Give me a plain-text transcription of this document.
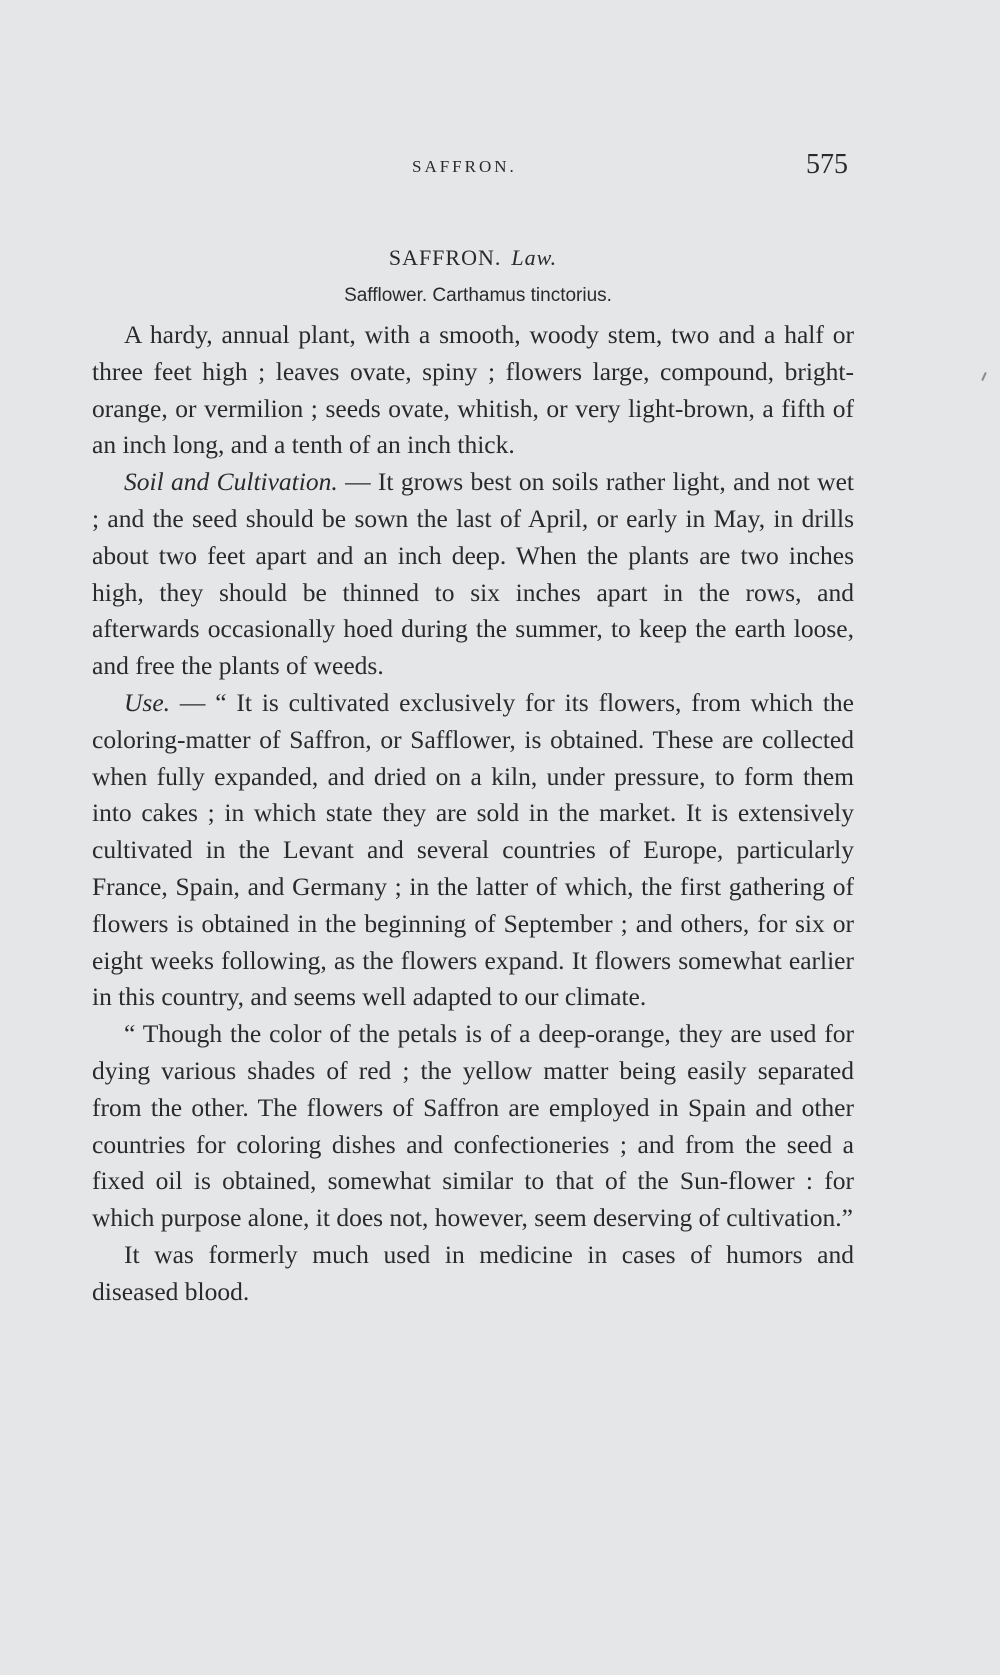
SAFFRON.	575
SAFFRON. Law.
Safflower. Carthamus tinctorius.

A hardy, annual plant, with a smooth, woody stem, two and a half or three feet high ; leaves ovate, spiny ; flowers large, compound, bright-orange, or vermilion ; seeds ovate, whitish, or very light-brown, a fifth of an inch long, and a tenth of an inch thick.

Soil and Cultivation. — It grows best on soils rather light, and not wet ; and the seed should be sown the last of April, or early in May, in drills about two feet apart and an inch deep. When the plants are two inches high, they should be thinned to six inches apart in the rows, and afterwards occasionally hoed during the summer, to keep the earth loose, and free the plants of weeds.

Use. — “ It is cultivated exclusively for its flowers, from which the coloring-matter of Saffron, or Safflower, is obtained. These are collected when fully expanded, and dried on a kiln, under pressure, to form them into cakes ; in which state they are sold in the market. It is extensively cultivated in the Levant and several countries of Europe, particularly France, Spain, and Germany ; in the latter of which, the first gathering of flowers is obtained in the beginning of September ; and others, for six or eight weeks following, as the flowers expand. It flowers somewhat earlier in this country, and seems well adapted to our climate.

“ Though the color of the petals is of a deep-orange, they are used for dying various shades of red ; the yellow matter being easily separated from the other. The flowers of Saffron are employed in Spain and other countries for coloring dishes and confectioneries ; and from the seed a fixed oil is obtained, somewhat similar to that of the Sun-flower : for which purpose alone, it does not, however, seem deserving of cultivation.”

It was formerly much used in medicine in cases of humors and diseased blood.
